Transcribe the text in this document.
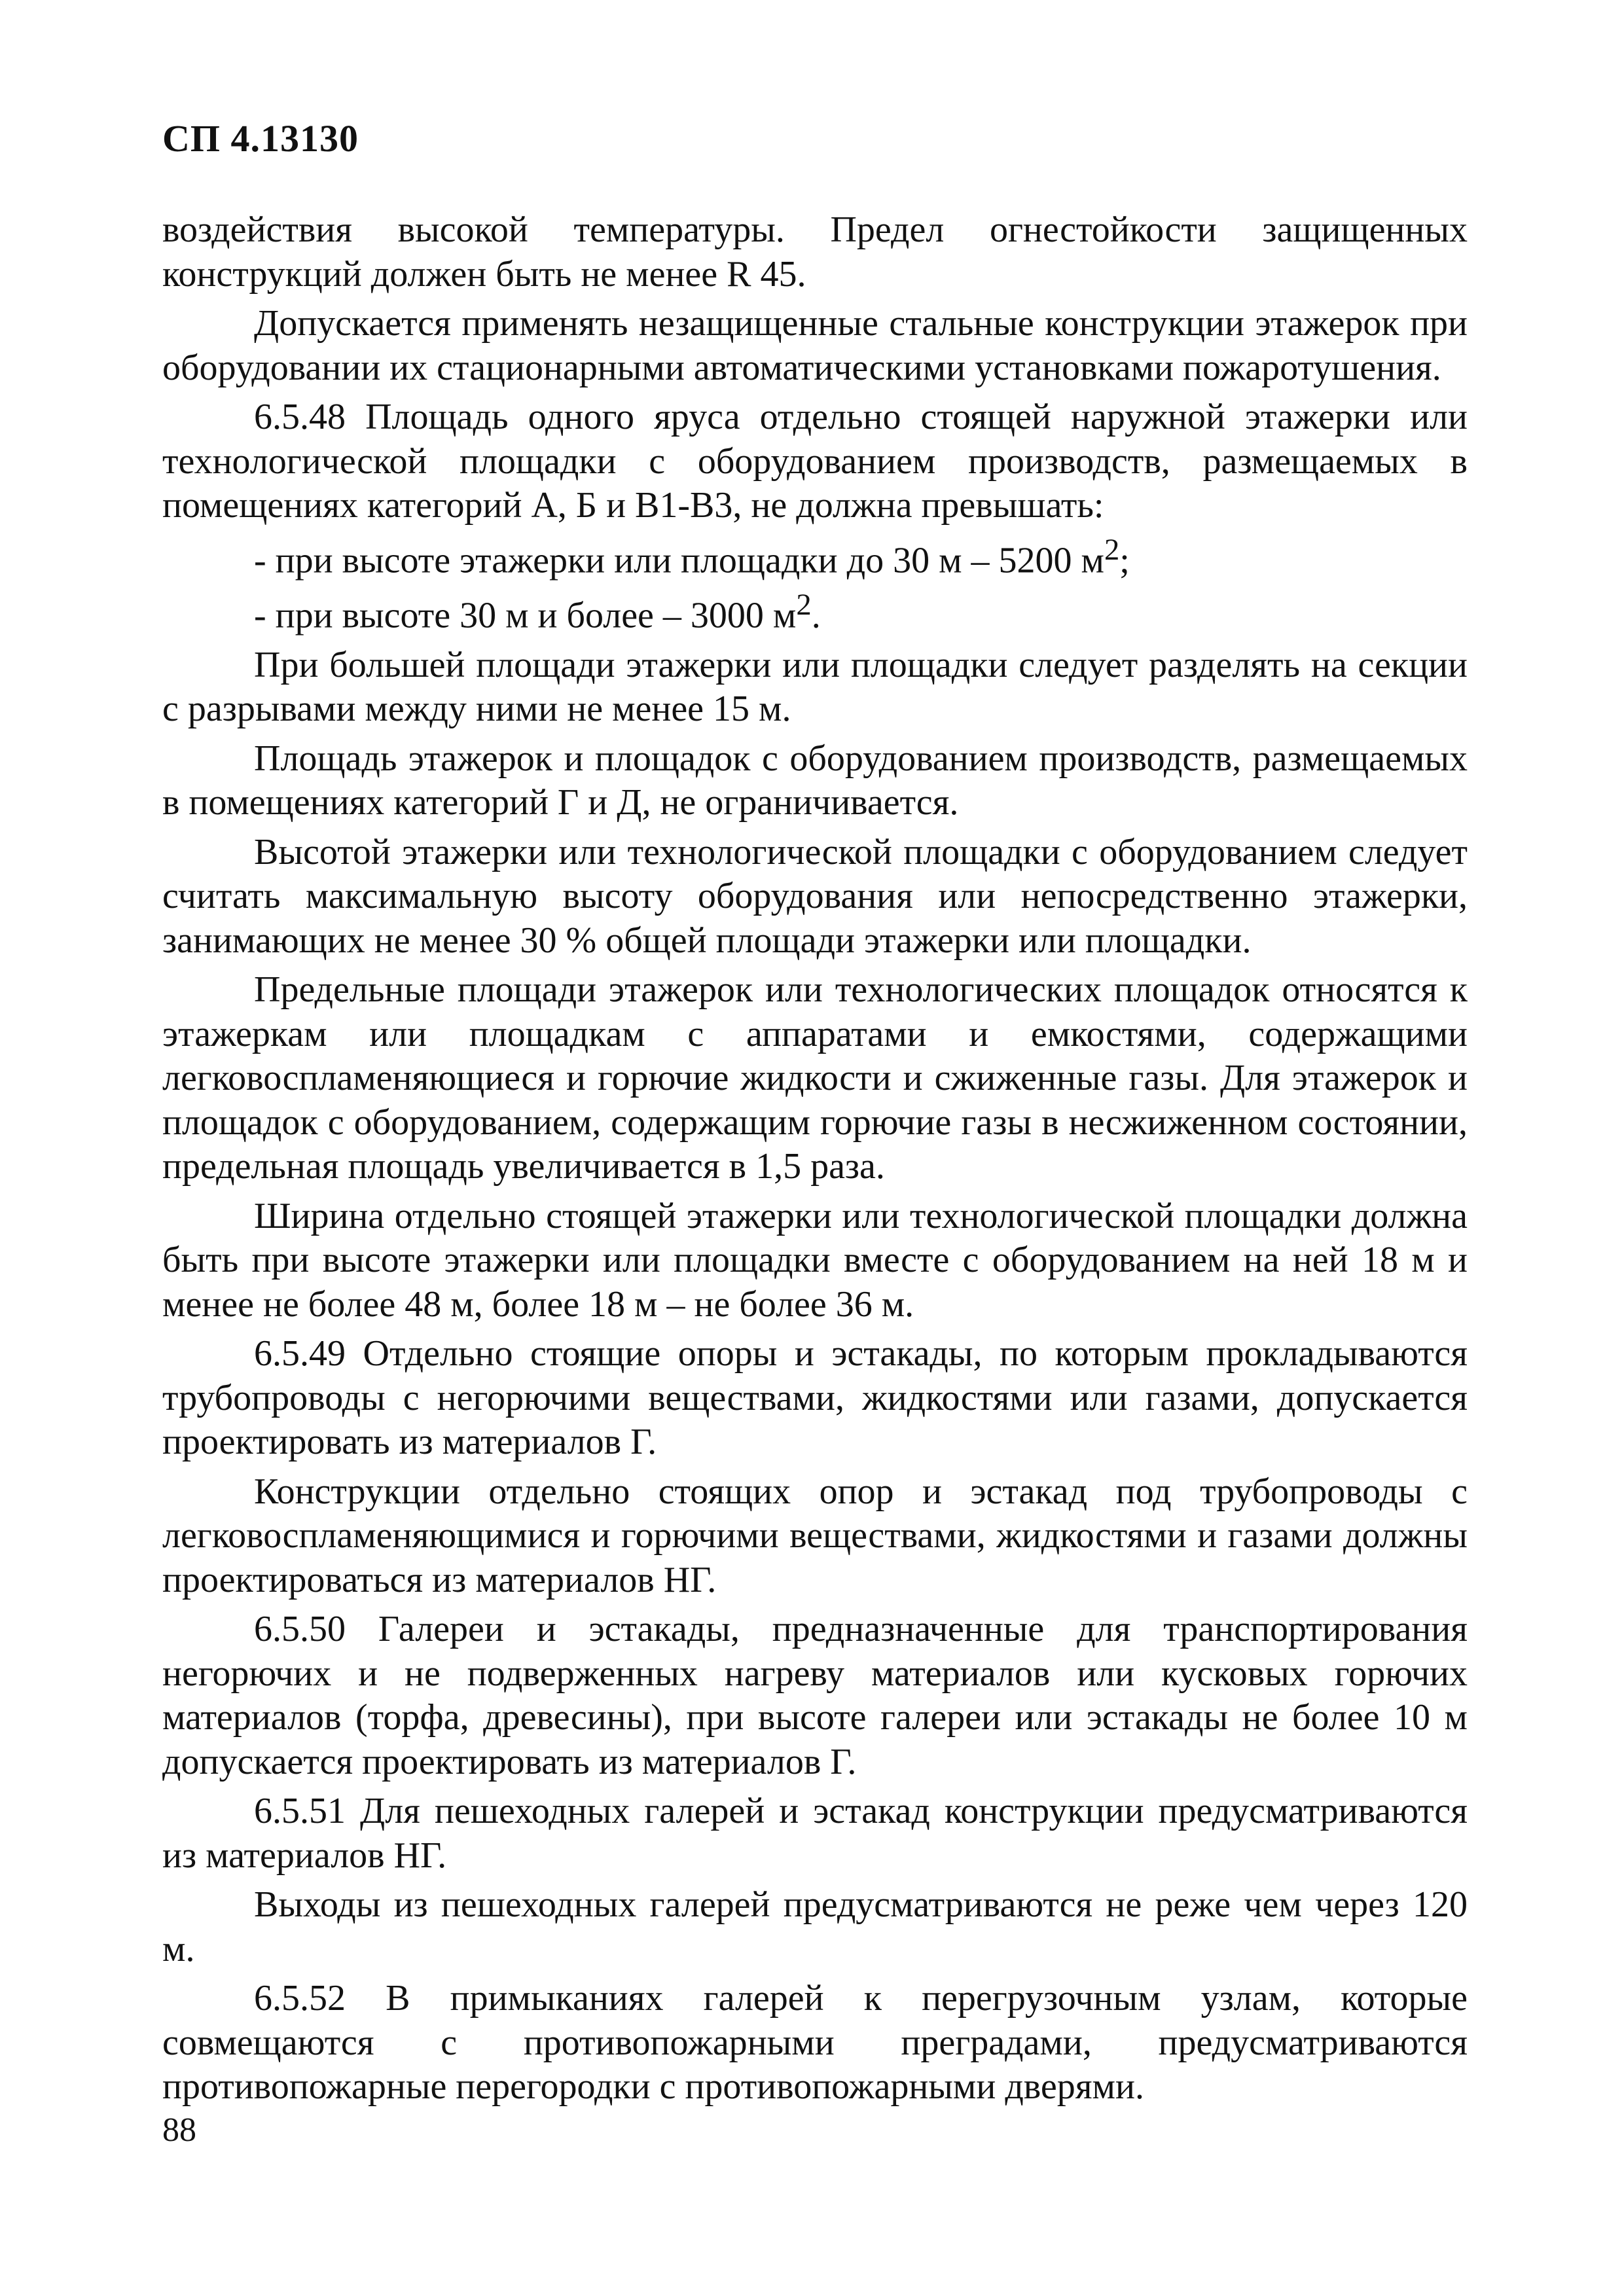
СП 4.13130

воздействия высокой температуры. Предел огнестойкости защищенных конструкций должен быть не менее R 45.

Допускается применять незащищенные стальные конструкции этажерок при оборудовании их стационарными автоматическими установками пожаротушения.

6.5.48 Площадь одного яруса отдельно стоящей наружной этажерки или технологической площадки с оборудованием производств, размещаемых в помещениях категорий А, Б и В1-В3, не должна превышать:

- при высоте этажерки или площадки до 30 м – 5200 $м^2$;

- при высоте 30 м и более – 3000 $м^2$.

При большей площади этажерки или площадки следует разделять на секции с разрывами между ними не менее 15 м.

Площадь этажерок и площадок с оборудованием производств, размещаемых в помещениях категорий Г и Д, не ограничивается.

Высотой этажерки или технологической площадки с оборудованием следует считать максимальную высоту оборудования или непосредственно этажерки, занимающих не менее 30 % общей площади этажерки или площадки.

Предельные площади этажерок или технологических площадок относятся к этажеркам или площадкам с аппаратами и емкостями, содержащими легковоспламеняющиеся и горючие жидкости и сжиженные газы. Для этажерок и площадок с оборудованием, содержащим горючие газы в несжиженном состоянии, предельная площадь увеличивается в 1,5 раза.

Ширина отдельно стоящей этажерки или технологической площадки должна быть при высоте этажерки или площадки вместе с оборудованием на ней 18 м и менее не более 48 м, более 18 м – не более 36 м.

6.5.49 Отдельно стоящие опоры и эстакады, по которым прокладываются трубопроводы с негорючими веществами, жидкостями или газами, допускается проектировать из материалов Г.

Конструкции отдельно стоящих опор и эстакад под трубопроводы с легковоспламеняющимися и горючими веществами, жидкостями и газами должны проектироваться из материалов НГ.

6.5.50 Галереи и эстакады, предназначенные для транспортирования негорючих и не подверженных нагреву материалов или кусковых горючих материалов (торфа, древесины), при высоте галереи или эстакады не более 10 м допускается проектировать из материалов Г.

6.5.51 Для пешеходных галерей и эстакад конструкции предусматриваются из материалов НГ.

Выходы из пешеходных галерей предусматриваются не реже чем через 120 м.

6.5.52 В примыканиях галерей к перегрузочным узлам, которые совмещаются с противопожарными преградами, предусматриваются противопожарные перегородки с противопожарными дверями.

88
